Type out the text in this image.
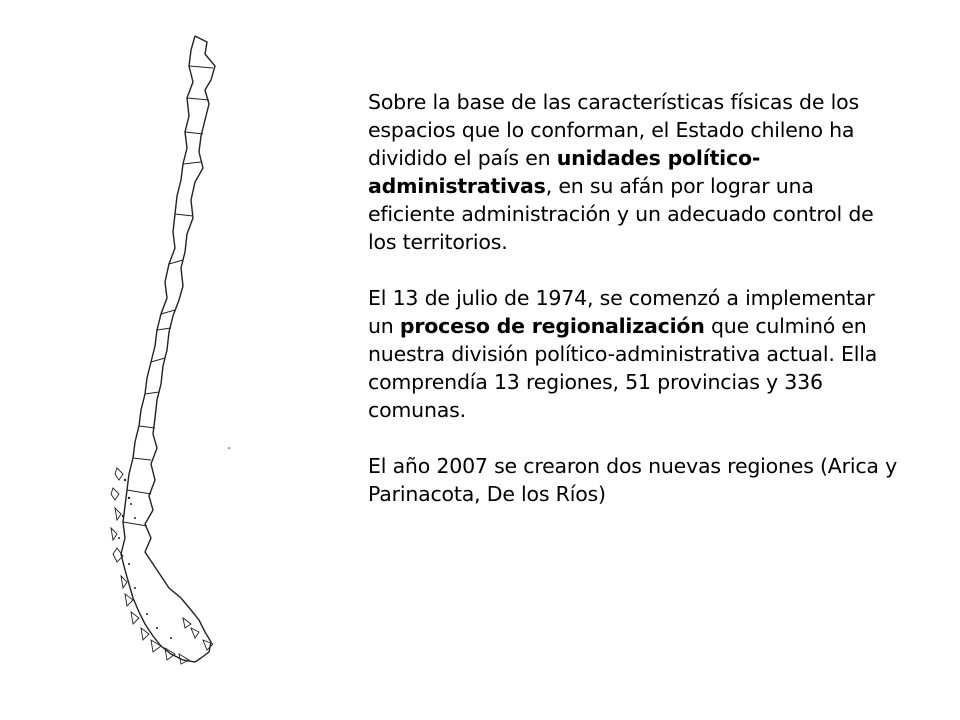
Sobre la base de las características físicas de los espacios que lo conforman, el Estado chileno ha dividido el país en unidades político-administrativas, en su afán por lograr una eficiente administración y un adecuado control de los territorios.

El 13 de julio de 1974, se comenzó a implementar un proceso de regionalización que culminó en nuestra división político-administrativa actual. Ella comprendía 13 regiones, 51 provincias y 336 comunas.

El año 2007 se crearon dos nuevas regiones (Arica y Parinacota, De los Ríos)
